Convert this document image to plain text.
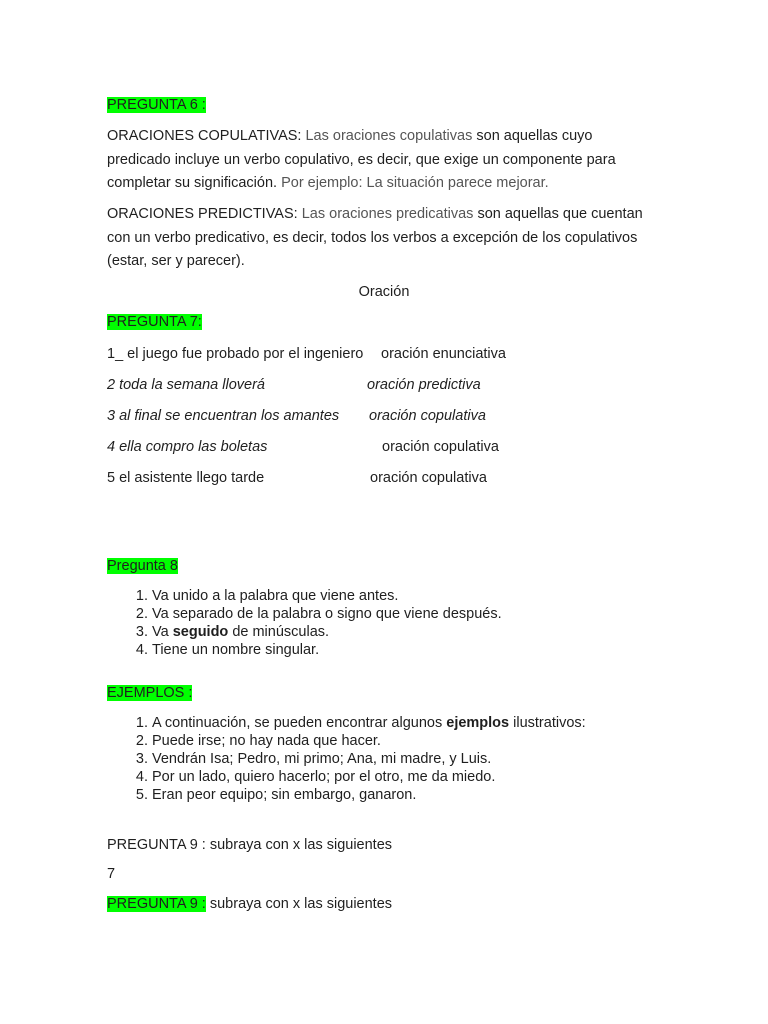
PREGUNTA 6 :
ORACIONES COPULATIVAS: Las oraciones copulativas son aquellas cuyo predicado incluye un verbo copulativo, es decir, que exige un componente para completar su significación. Por ejemplo: La situación parece mejorar.
ORACIONES PREDICTIVAS: Las oraciones predicativas son aquellas que cuentan con un verbo predicativo, es decir, todos los verbos a excepción de los copulativos (estar, ser y parecer).
Oración
PREGUNTA 7:
1_ el juego fue probado por el ingeniero oración enunciativa
2 toda la semana lloverá	oración predictiva
3 al final se encuentran los amantes oración copulativa
4 ella compro las boletas	oración copulativa
5 el asistente llego tarde	oración copulativa
Pregunta 8
1. Va unido a la palabra que viene antes.
2. Va separado de la palabra o signo que viene después.
3. Va seguido de minúsculas.
4. Tiene un nombre singular.
EJEMPLOS :
1. A continuación, se pueden encontrar algunos ejemplos ilustrativos:
2. Puede irse; no hay nada que hacer.
3. Vendrán Isa; Pedro, mi primo; Ana, mi madre, y Luis.
4. Por un lado, quiero hacerlo; por el otro, me da miedo.
5. Eran peor equipo; sin embargo, ganaron.
PREGUNTA 9 : subraya con x las siguientes
7
PREGUNTA 9 : subraya con x las siguientes
